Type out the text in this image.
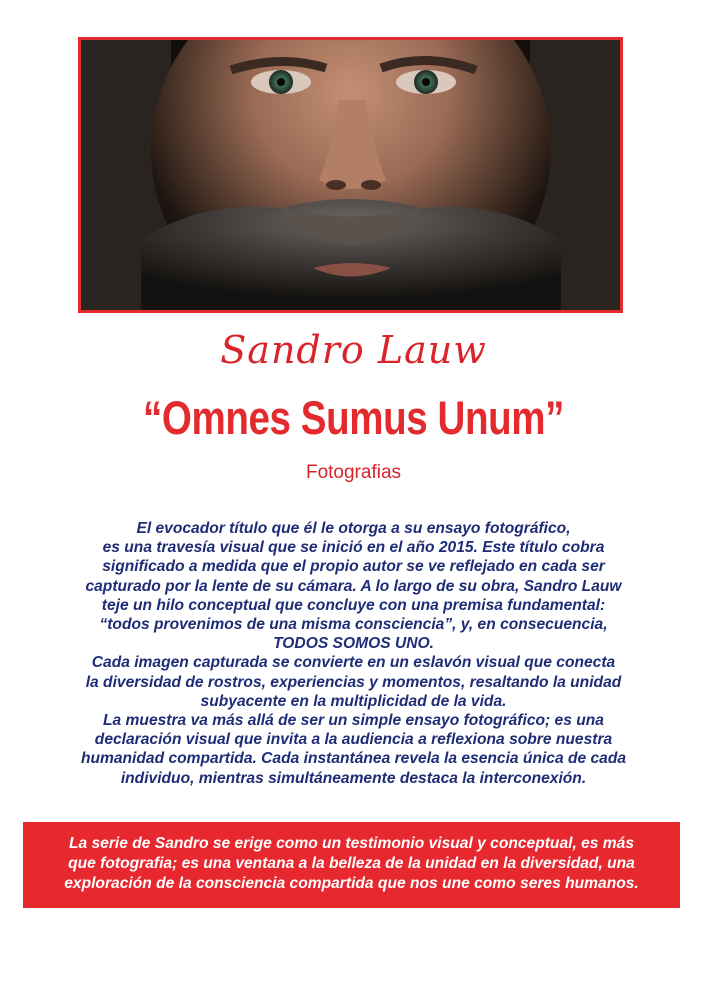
Sandro Lauw
“Omnes Sumus Unum”
Fotografias

El evocador título que él le otorga a su ensayo fotográfico,

es una travesía visual que se inició en el año 2015. Este título cobra

significado a medida que el propio autor se ve reflejado en cada ser

capturado por la lente de su cámara. A lo largo de su obra, Sandro Lauw

teje un hilo conceptual que concluye con una premisa fundamental:

“todos provenimos de una misma consciencia”, y, en consecuencia,

TODOS SOMOS UNO.

Cada imagen capturada se convierte en un eslavón visual que conecta

la diversidad de rostros, experiencias y momentos, resaltando la unidad

subyacente en la multiplicidad de la vida.

La muestra va más allá de ser un simple ensayo fotográfico; es una

declaración visual que invita a la audiencia a reflexiona sobre nuestra

humanidad compartida. Cada instantánea revela la esencia única de cada

individuo, mientras simultáneamente destaca la interconexión.

La serie de Sandro se erige como un testimonio visual y conceptual, es más

que fotografia; es una ventana a la belleza de la unidad en la diversidad, una

exploración de la consciencia compartida que nos une como seres humanos.
